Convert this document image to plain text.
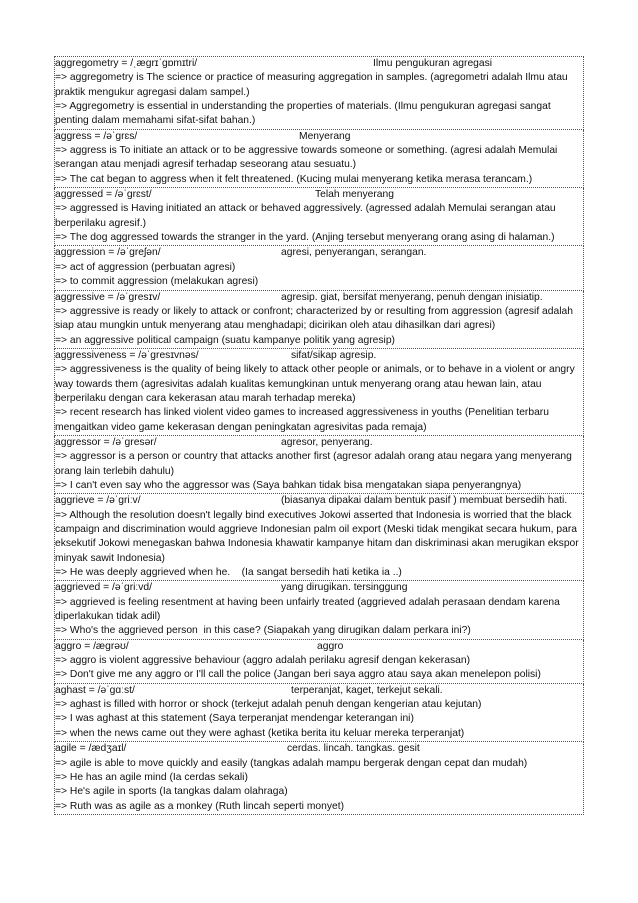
aggregometry = /ˌægrɪˈgɒmɪtri/	Ilmu pengukuran agregasi
=> aggregometry is The science or practice of measuring aggregation in samples. (agregometri adalah Ilmu atau praktik mengukur agregasi dalam sampel.)
=> Aggregometry is essential in understanding the properties of materials. (Ilmu pengukuran agregasi sangat penting dalam memahami sifat-sifat bahan.)
aggress = /əˈgrɛs/	Menyerang
=> aggress is To initiate an attack or to be aggressive towards someone or something. (agresi adalah Memulai serangan atau menjadi agresif terhadap seseorang atau sesuatu.)
=> The cat began to aggress when it felt threatened. (Kucing mulai menyerang ketika merasa terancam.)
aggressed = /əˈgrɛst/	Telah menyerang
=> aggressed is Having initiated an attack or behaved aggressively. (agressed adalah Memulai serangan atau berperilaku agresif.)
=> The dog aggressed towards the stranger in the yard. (Anjing tersebut menyerang orang asing di halaman.)
aggression = /əˈgreʃən/	agresi, penyerangan, serangan.
=> act of aggression (perbuatan agresi)
=> to commit aggression (melakukan agresi)
aggressive = /əˈgresɪv/	agresip. giat, bersifat menyerang, penuh dengan inisiatip.
=> aggressive is ready or likely to attack or confront; characterized by or resulting from aggression (agresif adalah siap atau mungkin untuk menyerang atau menghadapi; dicirikan oleh atau dihasilkan dari agresi)
=> an aggressive political campaign (suatu kampanye politik yang agresip)
aggressiveness = /əˈgresɪvnəs/	sifat/sikap agresip.
=> aggressiveness is the quality of being likely to attack other people or animals, or to behave in a violent or angry way towards them (agresivitas adalah kualitas kemungkinan untuk menyerang orang atau hewan lain, atau berperilaku dengan cara kekerasan atau marah terhadap mereka)
=> recent research has linked violent video games to increased aggressiveness in youths (Penelitian terbaru mengaitkan video game kekerasan dengan peningkatan agresivitas pada remaja)
aggressor = /əˈgresər/	agresor, penyerang.
=> aggressor is a person or country that attacks another first (agresor adalah orang atau negara yang menyerang orang lain terlebih dahulu)
=> I can't even say who the aggressor was (Saya bahkan tidak bisa mengatakan siapa penyerangnya)
aggrieve = /əˈgriːv/	(biasanya dipakai dalam bentuk pasif ) membuat bersedih hati.
=> Although the resolution doesn't legally bind executives Jokowi asserted that Indonesia is worried that the black campaign and discrimination would aggrieve Indonesian palm oil export (Meski tidak mengikat secara hukum, para eksekutif Jokowi menegaskan bahwa Indonesia khawatir kampanye hitam dan diskriminasi akan merugikan ekspor minyak sawit Indonesia)
=> He was deeply aggrieved when he.    (Ia sangat bersedih hati ketika ia ..)
aggrieved = /əˈgriːvd/	yang dirugikan. tersinggung
=> aggrieved is feeling resentment at having been unfairly treated (aggrieved adalah perasaan dendam karena diperlakukan tidak adil)
=> Who's the aggrieved person  in this case? (Siapakah yang dirugikan dalam perkara ini?)
aggro = /ægrəʊ/	aggro
=> aggro is violent aggressive behaviour (aggro adalah perilaku agresif dengan kekerasan)
=> Don't give me any aggro or I'll call the police (Jangan beri saya aggro atau saya akan menelepon polisi)
aghast = /əˈgɑːst/	terperanjat, kaget, terkejut sekali.
=> aghast is filled with horror or shock (terkejut adalah penuh dengan kengerian atau kejutan)
=> I was aghast at this statement (Saya terperanjat mendengar keterangan ini)
=> when the news came out they were aghast (ketika berita itu keluar mereka terperanjat)
agile = /ædʒaɪl/	cerdas. lincah. tangkas. gesit
=> agile is able to move quickly and easily (tangkas adalah mampu bergerak dengan cepat dan mudah)
=> He has an agile mind (Ia cerdas sekali)
=> He's agile in sports (Ia tangkas dalam olahraga)
=> Ruth was as agile as a monkey (Ruth lincah seperti monyet)
